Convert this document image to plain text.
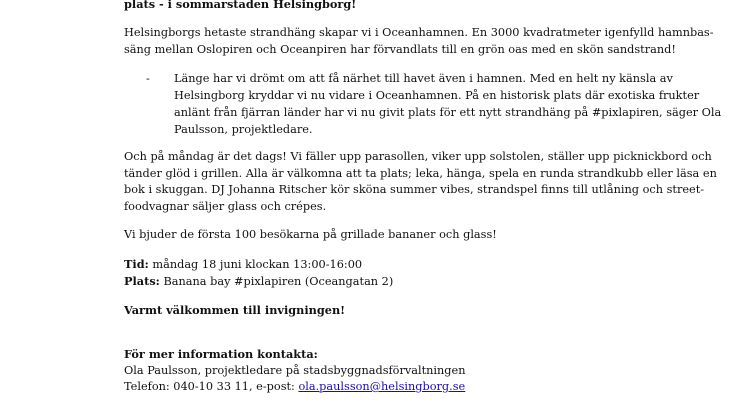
plats - i sommarstaden Helsingborg!
Helsingborgs hetaste strandhäng skapar vi i Oceanhamnen. En 3000 kvadratmeter igenfylld hamnbas-
säng mellan Oslopiren och Oceanpiren har förvandlats till en grön oas med en skön sandstrand!
- Länge har vi drömt om att få närhet till havet även i hamnen. Med en helt ny känsla av
Helsingborg kryddar vi nu vidare i Oceanhamnen. På en historisk plats där exotiska frukter
anlänt från fjärran länder har vi nu givit plats för ett nytt strandhäng på #pixlapiren, säger Ola
Paulsson, projektledare.
Och på måndag är det dags! Vi fäller upp parasollen, viker upp solstolen, ställer upp picknickbord och
tänder glöd i grillen. Alla är välkomna att ta plats; leka, hänga, spela en runda strandkubb eller läsa en
bok i skuggan. DJ Johanna Ritscher kör sköna summer vibes, strandspel finns till utlåning och street-
foodvagnar säljer glass och crépes.
Vi bjuder de första 100 besökarna på grillade bananer och glass!
Tid: måndag 18 juni klockan 13:00-16:00
Plats: Banana bay #pixlapiren (Oceangatan 2)
Varmt välkommen till invigningen!
För mer information kontakta:
Ola Paulsson, projektledare på stadsbyggnadsförvaltningen
Telefon: 040-10 33 11, e-post: ola.paulsson@helsingborg.se
